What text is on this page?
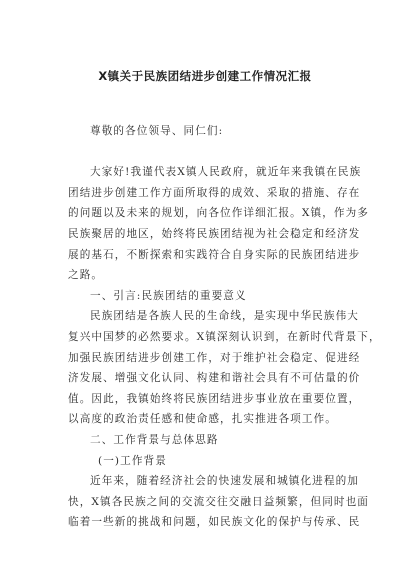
X镇关于民族团结进步创建工作情况汇报
尊敬的各位领导、同仁们:
大家好!我谨代表X镇人民政府，就近年来我镇在民族
团结进步创建工作方面所取得的成效、采取的措施、存在
的问题以及未来的规划，向各位作详细汇报。X镇，作为多
民族聚居的地区，始终将民族团结视为社会稳定和经济发
展的基石，不断探索和实践符合自身实际的民族团结进步
之路。
一、引言:民族团结的重要意义
民族团结是各族人民的生命线，是实现中华民族伟大
复兴中国梦的必然要求。X镇深刻认识到，在新时代背景下，
加强民族团结进步创建工作，对于维护社会稳定、促进经
济发展、增强文化认同、构建和谐社会具有不可估量的价
值。因此，我镇始终将民族团结进步事业放在重要位置，
以高度的政治责任感和使命感，扎实推进各项工作。
二、工作背景与总体思路
(一)工作背景
近年来，随着经济社会的快速发展和城镇化进程的加
快，X镇各民族之间的交流交往交融日益频繁，但同时也面
临着一些新的挑战和问题，如民族文化的保护与传承、民
